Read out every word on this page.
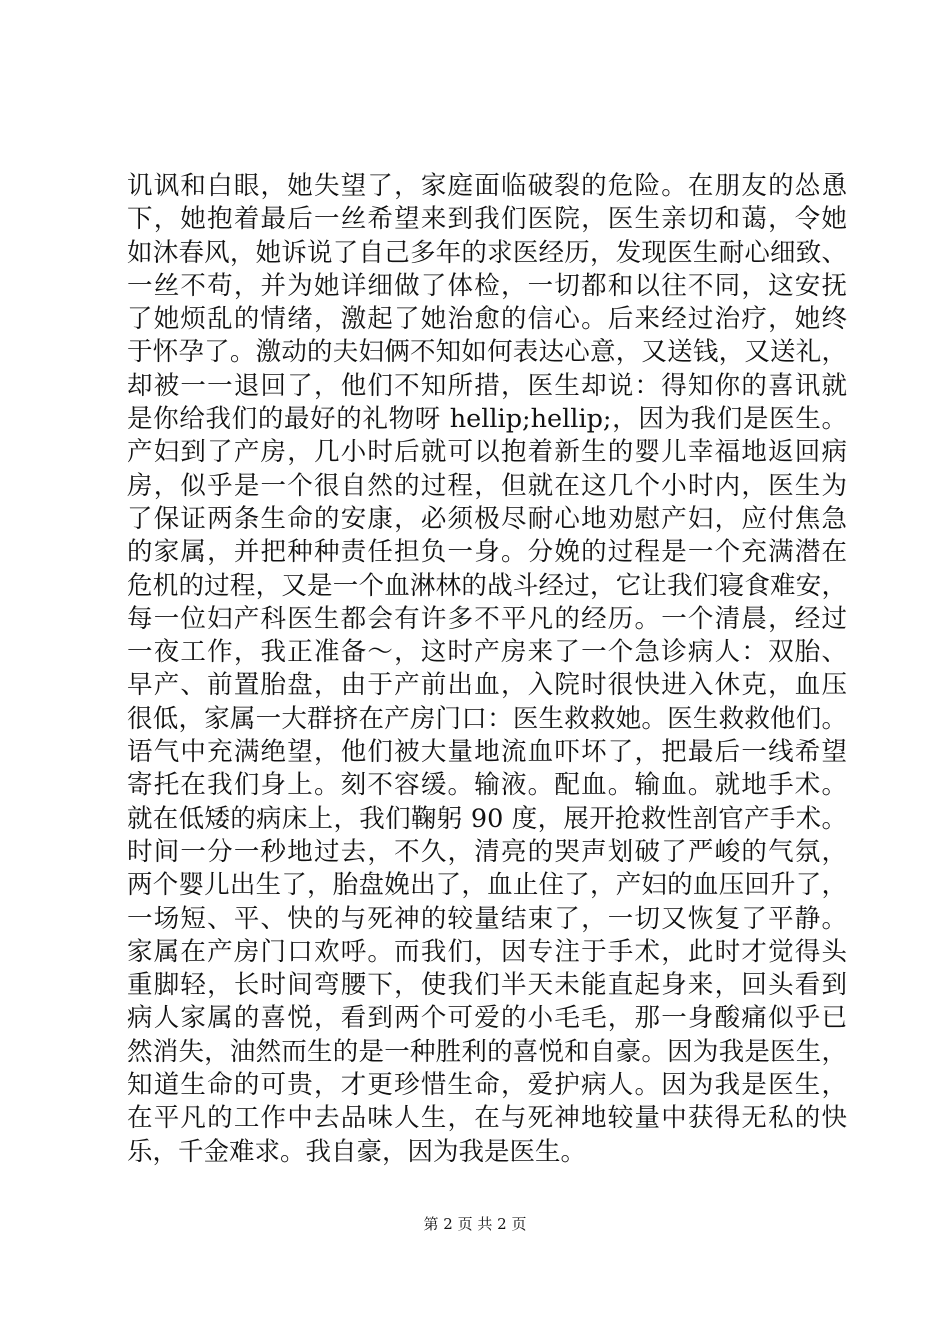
讥讽和白眼，她失望了，家庭面临破裂的危险。在朋友的怂恿
下，她抱着最后一丝希望来到我们医院，医生亲切和蔼，令她
如沐春风，她诉说了自己多年的求医经历，发现医生耐心细致、
一丝不苟，并为她详细做了体检，一切都和以往不同，这安抚
了她烦乱的情绪，激起了她治愈的信心。后来经过治疗，她终
于怀孕了。激动的夫妇俩不知如何表达心意，又送钱，又送礼，
却被一一退回了，他们不知所措，医生却说：得知你的喜讯就
是你给我们的最好的礼物呀 hellip;hellip;，因为我们是医生。
产妇到了产房，几小时后就可以抱着新生的婴儿幸福地返回病
房，似乎是一个很自然的过程，但就在这几个小时内，医生为
了保证两条生命的安康，必须极尽耐心地劝慰产妇，应付焦急
的家属，并把种种责任担负一身。分娩的过程是一个充满潜在
危机的过程，又是一个血淋林的战斗经过，它让我们寝食难安，
每一位妇产科医生都会有许多不平凡的经历。一个清晨，经过
一夜工作，我正准备～，这时产房来了一个急诊病人：双胎、
早产、前置胎盘，由于产前出血，入院时很快进入休克，血压
很低，家属一大群挤在产房门口：医生救救她。医生救救他们。
语气中充满绝望，他们被大量地流血吓坏了，把最后一线希望
寄托在我们身上。刻不容缓。输液。配血。输血。就地手术。
就在低矮的病床上，我们鞠躬 90 度，展开抢救性剖官产手术。
时间一分一秒地过去，不久，清亮的哭声划破了严峻的气氛，
两个婴儿出生了，胎盘娩出了，血止住了，产妇的血压回升了，
一场短、平、快的与死神的较量结束了，一切又恢复了平静。
家属在产房门口欢呼。而我们，因专注于手术，此时才觉得头
重脚轻，长时间弯腰下，使我们半天未能直起身来，回头看到
病人家属的喜悦，看到两个可爱的小毛毛，那一身酸痛似乎已
然消失，油然而生的是一种胜利的喜悦和自豪。因为我是医生，
知道生命的可贵，才更珍惜生命，爱护病人。因为我是医生，
在平凡的工作中去品味人生，在与死神地较量中获得无私的快
乐，千金难求。我自豪，因为我是医生。
第 2 页 共 2 页
